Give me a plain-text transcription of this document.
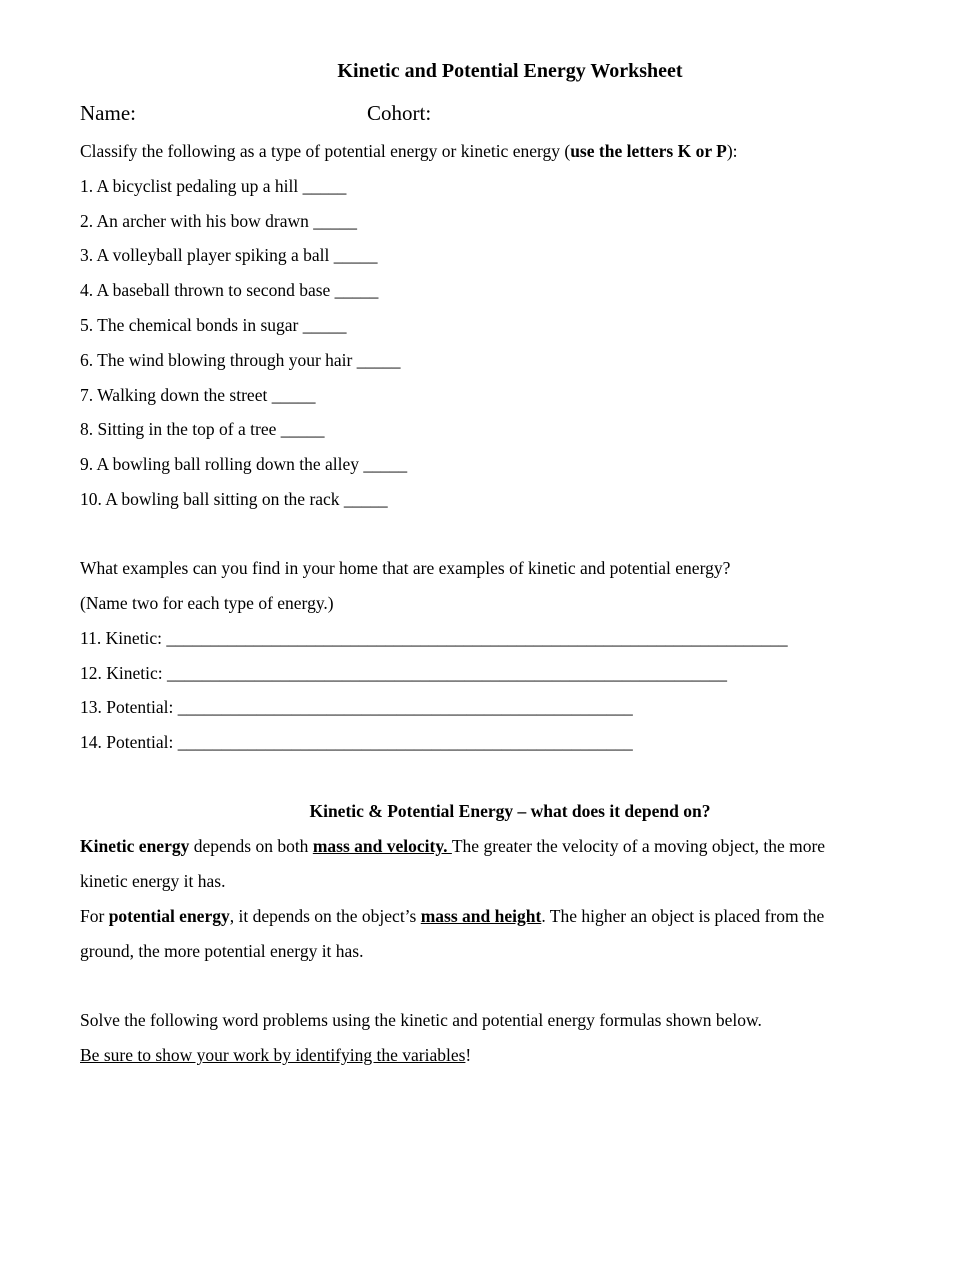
Kinetic and Potential Energy Worksheet
Name:	Cohort:
Classify the following as a type of potential energy or kinetic energy (use the letters K or P):
1. A bicyclist pedaling up a hill _____
2. An archer with his bow drawn _____
3. A volleyball player spiking a ball _____
4. A baseball thrown to second base _____
5. The chemical bonds in sugar _____
6. The wind blowing through your hair _____
7. Walking down the street _____
8. Sitting in the top of a tree _____
9. A bowling ball rolling down the alley _____
10. A bowling ball sitting on the rack _____
What examples can you find in your home that are examples of kinetic and potential energy?
(Name two for each type of energy.)
11. Kinetic: _______________________________________________________________________
12. Kinetic: ________________________________________________________________
13. Potential: ____________________________________________________
14. Potential: ____________________________________________________
Kinetic & Potential Energy – what does it depend on?
Kinetic energy depends on both mass and velocity. The greater the velocity of a moving object, the more
kinetic energy it has.
For potential energy, it depends on the object’s mass and height. The higher an object is placed from the
ground, the more potential energy it has.
Solve the following word problems using the kinetic and potential energy formulas shown below.
Be sure to show your work by identifying the variables!
